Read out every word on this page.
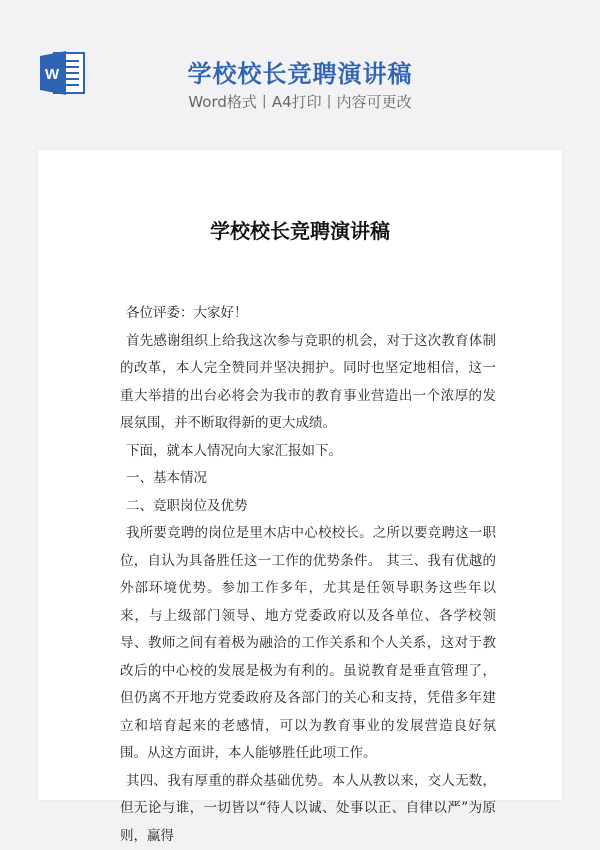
W	学校校长竞聘演讲稿
Word格式丨A4打印丨内容可更改
学校校长竞聘演讲稿

各位评委：大家好！

首先感谢组织上给我这次参与竞职的机会，对于这次教育体制的改革，本人完全赞同并坚决拥护。同时也坚定地相信，这一重大举措的出台必将会为我市的教育事业营造出一个浓厚的发展氛围，并不断取得新的更大成绩。

下面，就本人情况向大家汇报如下。

一、基本情况

二、竞职岗位及优势

我所要竞聘的岗位是里木店中心校校长。之所以要竞聘这一职位，自认为具备胜任这一工作的优势条件。 其三、我有优越的外部环境优势。参加工作多年，尤其是任领导职务这些年以来，与上级部门领导、地方党委政府以及各单位、各学校领导、教师之间有着极为融洽的工作关系和个人关系，这对于教改后的中心校的发展是极为有利的。虽说教育是垂直管理了，但仍离不开地方党委政府及各部门的关心和支持，凭借多年建立和培育起来的老感情，可以为教育事业的发展营造良好氛围。从这方面讲，本人能够胜任此项工作。

其四、我有厚重的群众基础优势。本人从教以来，交人无数，但无论与谁，一切皆以“待人以诚、处事以正、自律以严”为原则，赢得
